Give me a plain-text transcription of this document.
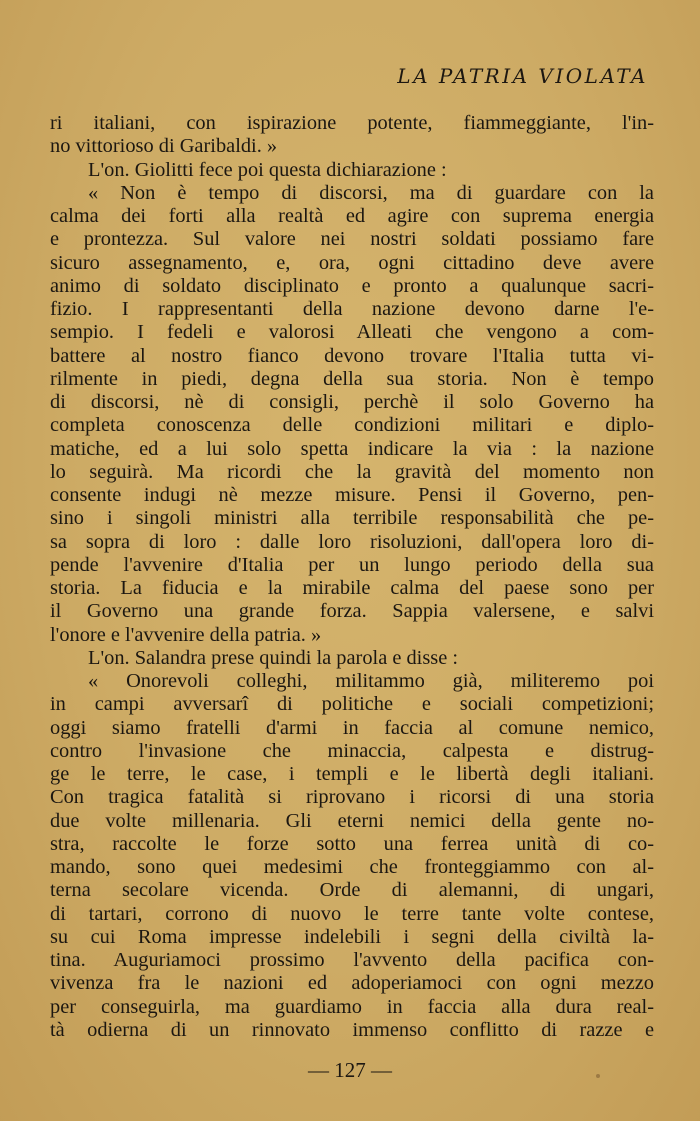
LA PATRIA VIOLATA
ri italiani, con ispirazione potente, fiammeggiante, l'in-
no vittorioso di Garibaldi. »
L'on. Giolitti fece poi questa dichiarazione :
« Non è tempo di discorsi, ma di guardare con la
calma dei forti alla realtà ed agire con suprema energia
e prontezza. Sul valore nei nostri soldati possiamo fare
sicuro assegnamento, e, ora, ogni cittadino deve avere
animo di soldato disciplinato e pronto a qualunque sacri-
fizio. I rappresentanti della nazione devono darne l'e-
sempio. I fedeli e valorosi Alleati che vengono a com-
battere al nostro fianco devono trovare l'Italia tutta vi-
rilmente in piedi, degna della sua storia. Non è tempo
di discorsi, nè di consigli, perchè il solo Governo ha
completa conoscenza delle condizioni militari e diplo-
matiche, ed a lui solo spetta indicare la via : la nazione
lo seguirà. Ma ricordi che la gravità del momento non
consente indugi nè mezze misure. Pensi il Governo, pen-
sino i singoli ministri alla terribile responsabilità che pe-
sa sopra di loro : dalle loro risoluzioni, dall'opera loro di-
pende l'avvenire d'Italia per un lungo periodo della sua
storia. La fiducia e la mirabile calma del paese sono per
il Governo una grande forza. Sappia valersene, e salvi
l'onore e l'avvenire della patria. »
L'on. Salandra prese quindi la parola e disse :
« Onorevoli colleghi, militammo già, militeremo poi
in campi avversarî di politiche e sociali competizioni;
oggi siamo fratelli d'armi in faccia al comune nemico,
contro l'invasione che minaccia, calpesta e distrug-
ge le terre, le case, i templi e le libertà degli italiani.
Con tragica fatalità si riprovano i ricorsi di una storia
due volte millenaria. Gli eterni nemici della gente no-
stra, raccolte le forze sotto una ferrea unità di co-
mando, sono quei medesimi che fronteggiammo con al-
terna secolare vicenda. Orde di alemanni, di ungari,
di tartari, corrono di nuovo le terre tante volte contese,
su cui Roma impresse indelebili i segni della civiltà la-
tina. Auguriamoci prossimo l'avvento della pacifica con-
vivenza fra le nazioni ed adoperiamoci con ogni mezzo
per conseguirla, ma guardiamo in faccia alla dura real-
tà odierna di un rinnovato immenso conflitto di razze e

— 127 —
